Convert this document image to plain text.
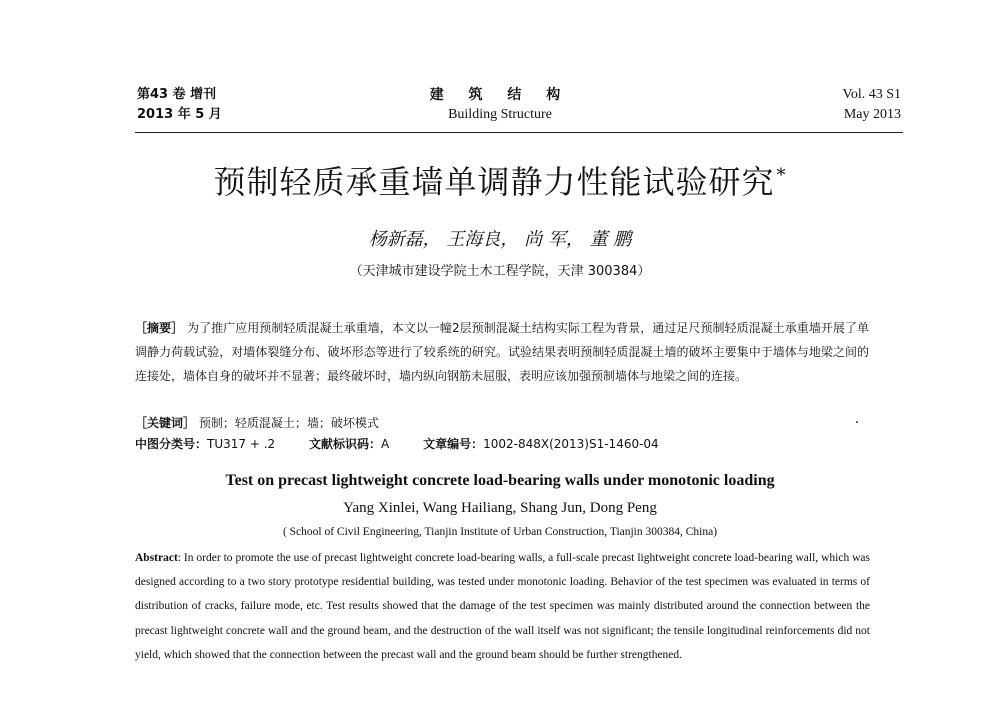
第43 卷 增刊
2013 年 5 月
建 筑 结 构
Building Structure
Vol. 43 S1
May 2013
预制轻质承重墙单调静力性能试验研究 *
杨新磊， 王海良， 尚 军， 董 鹏
（天津城市建设学院土木工程学院，天津 300384）
［摘要］ 为了推广应用预制轻质混凝土承重墙，本文以一幢2层预制混凝土结构实际工程为背景，通过足尺预制轻质混凝土承重墙开展了单调静力荷载试验，对墙体裂缝分布、破坏形态等进行了较系统的研究。试验结果表明预制轻质混凝土墙的破坏主要集中于墙体与地梁之间的连接处，墙体自身的破坏并不显著；最终破坏时，墙内纵向钢筋未屈服，表明应该加强预制墙体与地梁之间的连接。
［关键词］ 预制；轻质混凝土；墙；破坏模式
中图分类号：TU317 + .2	文献标识码：A	文章编号：1002-848X(2013)S1-1460-04
Test on precast lightweight concrete load-bearing walls under monotonic loading
Yang Xinlei, Wang Hailiang, Shang Jun, Dong Peng
( School of Civil Engineering, Tianjin Institute of Urban Construction, Tianjin 300384, China)
Abstract: In order to promote the use of precast lightweight concrete load-bearing walls, a full-scale precast lightweight concrete load-bearing wall, which was designed according to a two story prototype residential building, was tested under monotonic loading. Behavior of the test specimen was evaluated in terms of distribution of cracks, failure mode, etc. Test results showed that the damage of the test specimen was mainly distributed around the connection between the precast lightweight concrete wall and the ground beam, and the destruction of the wall itself was not significant; the tensile longitudinal reinforcements did not yield, which showed that the connection between the precast wall and the ground beam should be further strengthened.
